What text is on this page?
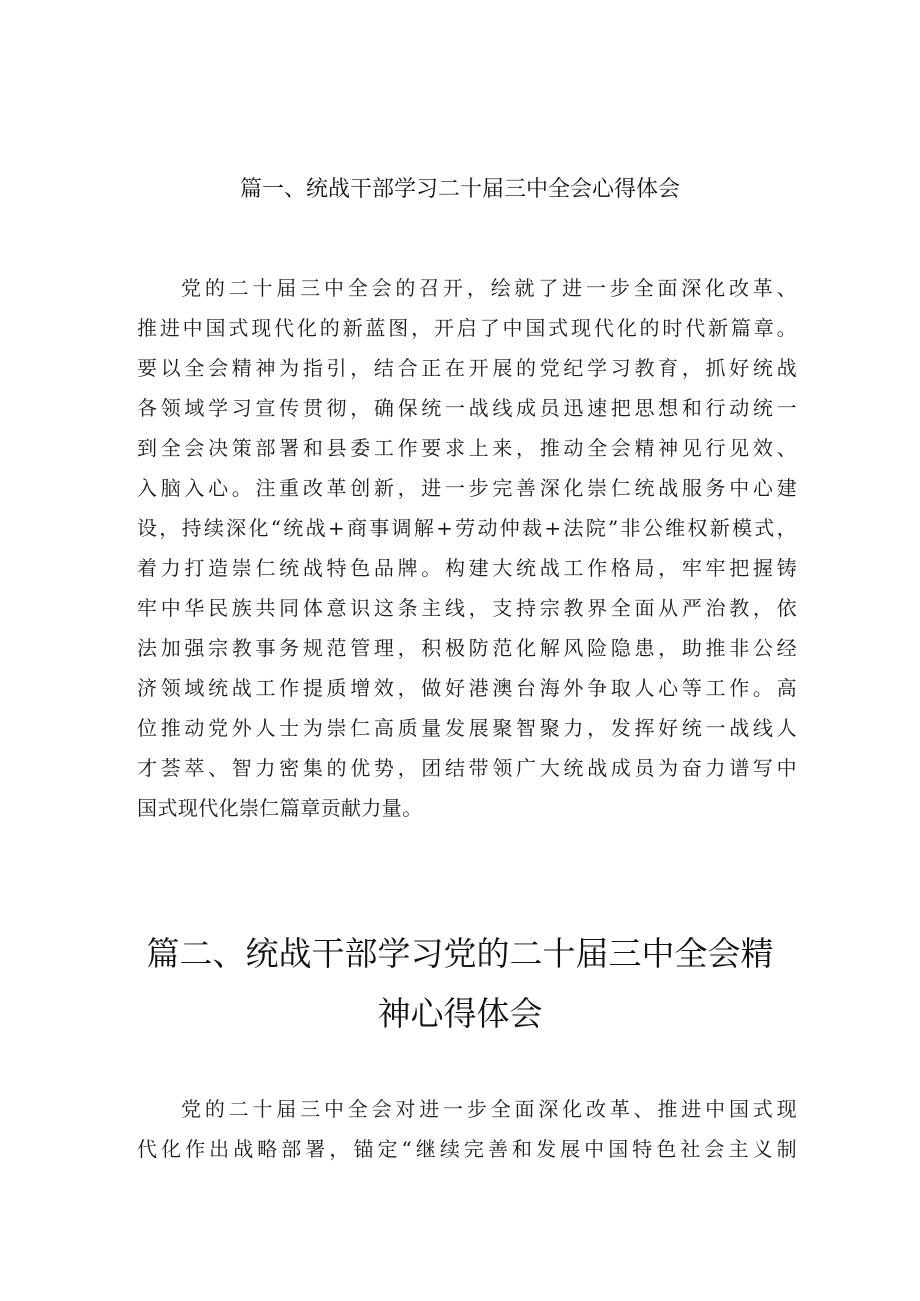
篇一、统战干部学习二十届三中全会心得体会
党的二十届三中全会的召开，绘就了进一步全面深化改革、
推进中国式现代化的新蓝图，开启了中国式现代化的时代新篇章。
要以全会精神为指引，结合正在开展的党纪学习教育，抓好统战
各领域学习宣传贯彻，确保统一战线成员迅速把思想和行动统一
到全会决策部署和县委工作要求上来，推动全会精神见行见效、
入脑入心。注重改革创新，进一步完善深化崇仁统战服务中心建
设，持续深化“统战+商事调解+劳动仲裁+法院”非公维权新模式，
着力打造崇仁统战特色品牌。构建大统战工作格局，牢牢把握铸
牢中华民族共同体意识这条主线，支持宗教界全面从严治教，依
法加强宗教事务规范管理，积极防范化解风险隐患，助推非公经
济领域统战工作提质增效，做好港澳台海外争取人心等工作。高
位推动党外人士为崇仁高质量发展聚智聚力，发挥好统一战线人
才荟萃、智力密集的优势，团结带领广大统战成员为奋力谱写中
国式现代化崇仁篇章贡献力量。
篇二、统战干部学习党的二十届三中全会精
神心得体会
党的二十届三中全会对进一步全面深化改革、推进中国式现
代化作出战略部署，锚定“继续完善和发展中国特色社会主义制
